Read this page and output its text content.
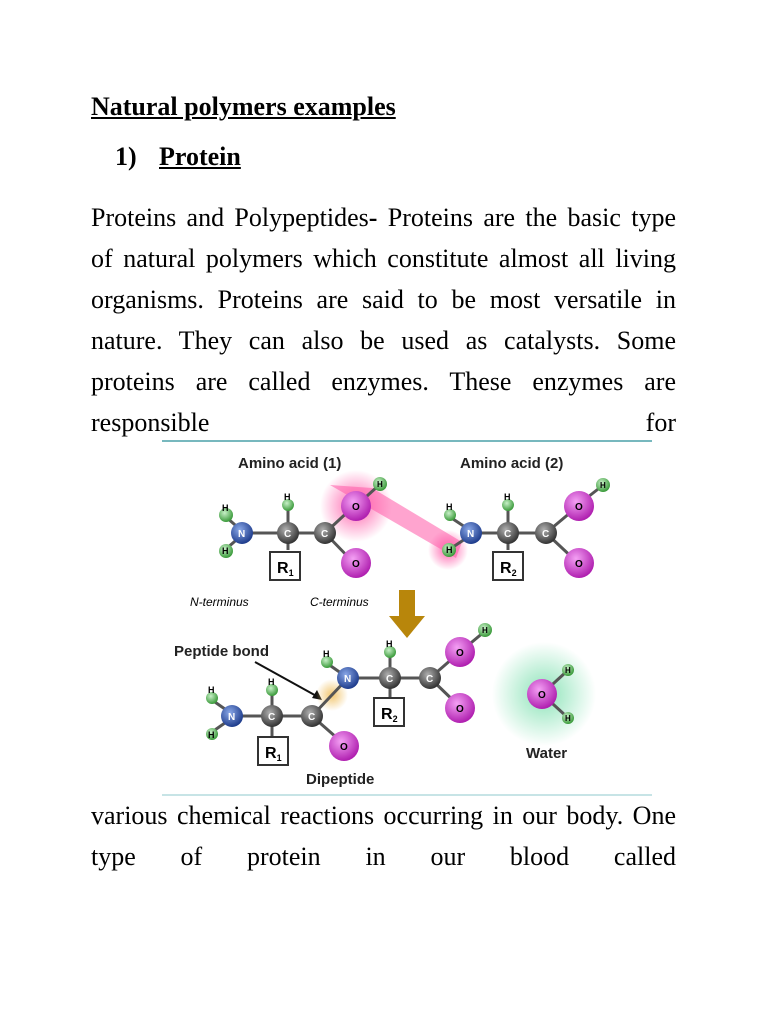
Natural polymers examples
1) Protein

Proteins and Polypeptides- Proteins are the basic type of natural polymers which constitute almost all living organisms. Proteins are said to be most versatile in nature. They can also be used as catalysts. Some proteins are called enzymes. These enzymes are responsible for

Amino acid (1)	Amino acid (2)
R1
H
H
N
H
C	C
O
H
O
N-terminus	C-terminus
R2
H
H
N
H
C	C
O
H
O
Peptide bond
H
H
N
H
C
R1
C
O
H
N
H
C
R2
C
O
H
O
O
H
H
Water
Dipeptide

various chemical reactions occurring in our body. One type of protein in our blood called
